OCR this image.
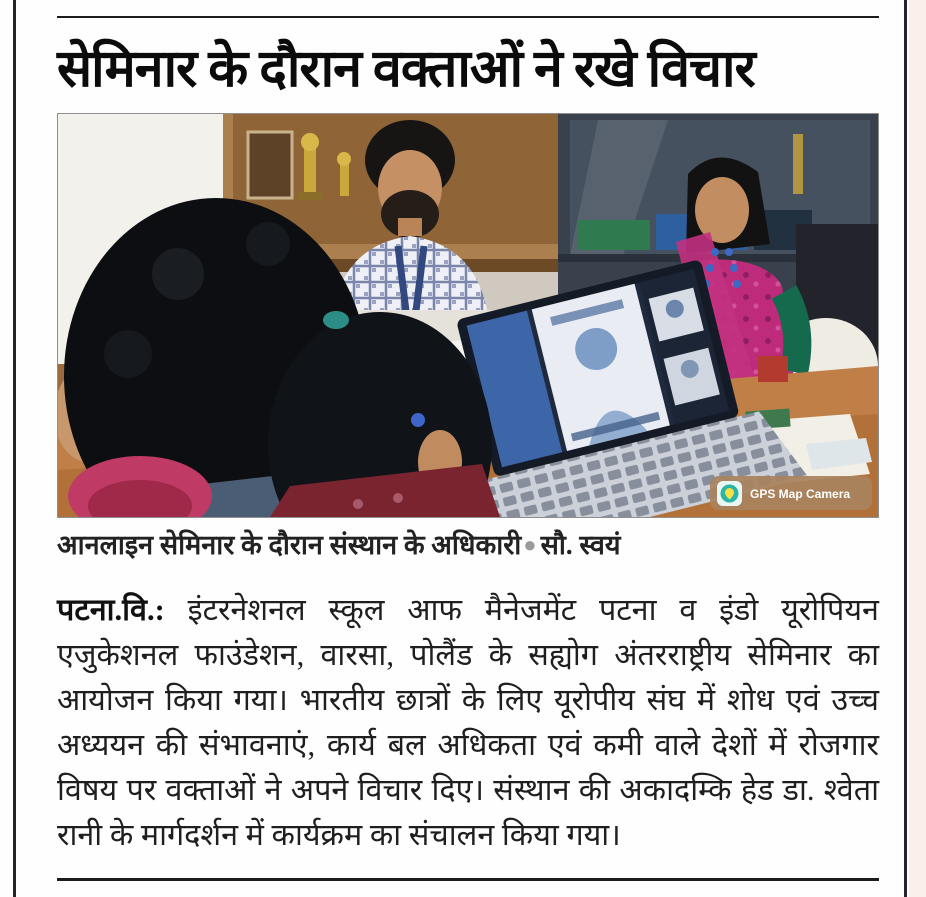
सेमिनार के दौरान वक्ताओं ने रखे विचार
GPS Map Camera
आनलाइन सेमिनार के दौरान संस्थान के अधिकारी● सौ. स्वयं
पटना.वि.: इंटरनेशनल स्कूल आफ मैनेजमेंट पटना व इंडो यूरोपियन एजुकेशनल फाउंडेशन, वारसा, पोलैंड के सह्योग अंतरराष्ट्रीय सेमिनार का आयोजन किया गया। भारतीय छात्रों के लिए यूरोपीय संघ में शोध एवं उच्च अध्ययन की संभावनाएं, कार्य बल अधिकता एवं कमी वाले देशों में रोजगार विषय पर वक्ताओं ने अपने विचार दिए। संस्थान की अकादम्कि हेड डा. श्वेता रानी के मार्गदर्शन में कार्यक्रम का संचालन किया गया।
